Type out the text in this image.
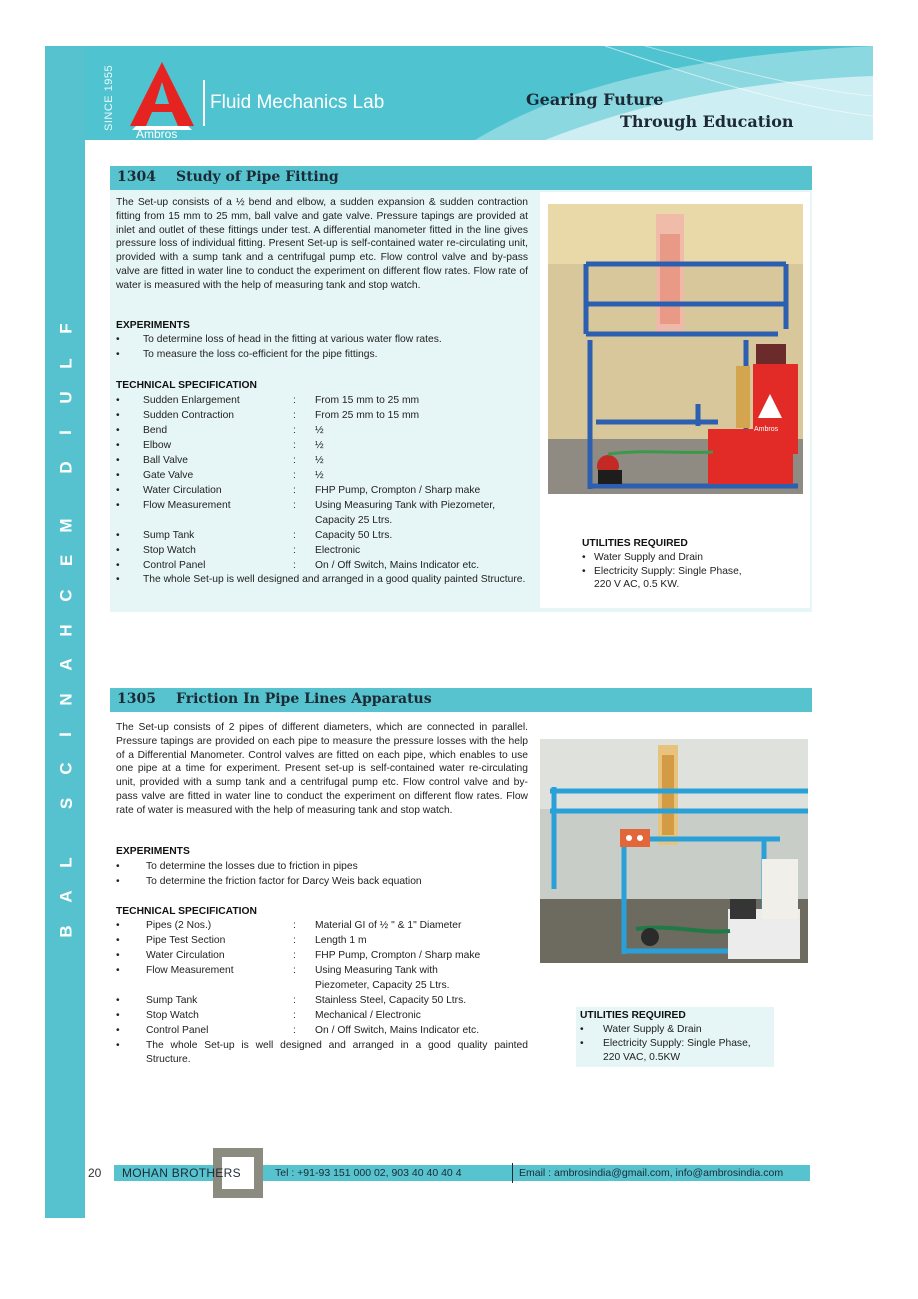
B
A
L
S
C
I
N
A
H
C
E
M
D
I
U
L
F
SINCE 1955
Ambros
Fluid Mechanics Lab	Gearing Future
Through Education
1304 Study of Pipe Fitting
The Set-up consists of a ½ bend and elbow, a sudden expansion & sudden contraction fitting from 15 mm to 25 mm, ball valve and gate valve. Pressure tapings are provided at inlet and outlet of these fittings under test. A differential manometer fitted in the line gives pressure loss of individual fitting. Present Set-up is self-contained water re-circulating unit, provided with a sump tank and a centrifugal pump etc. Flow control valve and by-pass valve are fitted in water line to conduct the experiment on different flow rates. Flow rate of water is measured with the help of measuring tank and stop watch.
EXPERIMENTS
• To determine loss of head in the fitting at various water flow rates.
• To measure the loss co-efficient for the pipe fittings.
TECHNICAL SPECIFICATION
• Sudden Enlargement	: From 15 mm to 25 mm
• Sudden Contraction	: From 25 mm to 15 mm
• Bend	: ½
• Elbow	: ½
• Ball Valve	: ½
• Gate Valve	: ½
• Water Circulation	: FHP Pump, Crompton / Sharp make
• Flow Measurement	: Using Measuring Tank with Piezometer,
Capacity 25 Ltrs.
• Sump Tank	: Capacity 50 Ltrs.
• Stop Watch	: Electronic
• Control Panel	: On / Off Switch, Mains Indicator etc.
• The whole Set-up is well designed and arranged in a good quality painted Structure.
Ambros
UTILITIES REQUIRED
• Water Supply and Drain
• Electricity Supply: Single Phase,
220 V AC, 0.5 KW.
1305 Friction In Pipe Lines Apparatus
The Set-up consists of 2 pipes of different diameters, which are connected in parallel. Pressure tapings are provided on each pipe to measure the pressure losses with the help of a Differential Manometer. Control valves are fitted on each pipe, which enables to use one pipe at a time for experiment. Present set-up is self-contained water re-circulating unit, provided with a sump tank and a centrifugal pump etc. Flow control valve and by-pass valve are fitted in water line to conduct the experiment on different flow rates. Flow rate of water is measured with the help of measuring tank and stop watch.
EXPERIMENTS
•	To determine the losses due to friction in pipes
•	To determine the friction factor for Darcy Weis back equation
TECHNICAL SPECIFICATION
•	Pipes (2 Nos.)	: Material GI of ½ " & 1" Diameter
•	Pipe Test Section	: Length 1 m
•	Water Circulation	: FHP Pump, Crompton / Sharp make
•	Flow Measurement	: Using Measuring Tank with
Piezometer, Capacity 25 Ltrs.
•	Sump Tank	: Stainless Steel, Capacity 50 Ltrs.
•	Stop Watch	: Mechanical / Electronic
•	Control Panel	: On / Off Switch, Mains Indicator etc.
•	The whole Set-up is well designed and arranged in a good quality painted Structure.
UTILITIES REQUIRED
• Water Supply & Drain
• Electricity Supply: Single Phase,
220 VAC, 0.5KW
20 MOHAN BROTHERS	Tel : +91-93 151 000 02, 903 40 40 40 4	Email : ambrosindia@gmail.com, info@ambrosindia.com
